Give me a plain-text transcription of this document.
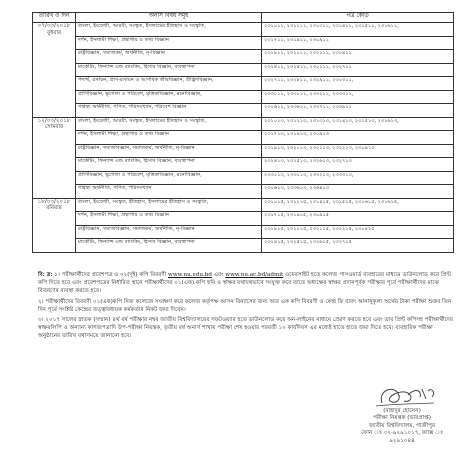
তারিখ ও দিন	অনার্স বিষয় সমূহ	পত্র কোড

০৭/০৩/২০১৮
বুধবার	বাংলা, ইংরেজী, আরবী, সংস্কৃত, ইসলামের ইতিহাস ও সংস্কৃতি,	২৩১০১১, ২৩১২১১, ২৩১৩১১, ২৩১৪১১, ২৩১৫১১, ২৩১৬১১,
	দর্শন, ইসলামী শিক্ষা, গ্রন্থাগার ও তথ্য বিজ্ঞান	২৩১৭১১, ২৩১৯১১, ২৩০৯১১
	রাষ্ট্রবিজ্ঞান, সমাজকর্ম, অর্থনীতি, নৃ-বিজ্ঞান	২৩১৯১১, ২৩২০১১, ২৩২২১১, ২৩০৪১১
	মার্কেটিং, ফিন্যান্স এন্ড ব্যাংকিং, হিসাব বিজ্ঞান, ব্যবস্থাপনা	২৩২৪১১, ২৩২৫১১, ২৩০১১১, ২৩২৭১১
	পদার্থ, রসায়ন, প্রাণ-রসায়ন ও আণবিক জীববিজ্ঞান, উদ্ভিদবিজ্ঞান,	২৩২৭১১, ২৩২৮১১, ২৩২৯১১, ২৩০৩১১,
	প্রাণিবিজ্ঞান, ভূগোল ও পরিবেশ, মৃত্তিকাবিজ্ঞান, মনোবিজ্ঞান,	২৩৩০১১, ২৩৩১১১, ২৩৩২১১, ২৩৩৩১১,
	গার্হস্থ্য অর্থনীতি, গণিত, পরিসংখ্যান, পরিবেশ বিজ্ঞান	২৩০৬১১, ২৩৩৬১১, ২৩৩৭১১, ২৩৩৯১১

১২/০৩/২০১৮
সোমবার	বাংলা, ইংরেজী, আরবী, সংস্কৃত, ইসলামের ইতিহাস ও সংস্কৃতি,	২৩১০১৩, ২৩১২১৩, ২৩১৩১৩, ২৩১৪১৩, ২৩১৫১৩, ২৩১৬১৩,
	দর্শন, ইসলামী শিক্ষা, গ্রন্থাগার ও তথ্য বিজ্ঞান	২৩১৭১৩, ২৩১৯১৩, ২৩০৯১৩
	রাষ্ট্রবিজ্ঞান, সমাজবিজ্ঞান, সমাজকর্ম, অর্থনীতি, নৃ-বিজ্ঞান	২৩১৯১৩, ২৩২০১৩, ২৩২১১৩, ২৩২২১৩, ২৩০৪১৩
	মার্কেটিং, ফিন্যান্স এন্ড ব্যাংকিং, হিসাব বিজ্ঞান, ব্যবস্থাপনা	২৩২৪১৩, ২৩২৫১৩, ২৩২৬১৩, ২৩২৭১৩
	প্রাণিবিজ্ঞান, ভূগোল ও পরিবেশ, মৃত্তিকাবিজ্ঞান, মনোবিজ্ঞান,	২৩৩০১৩, ২৩৩১১৩, ২৩৩২১৩, ২৩৩৩১৩,
	গার্হস্থ্য অর্থনীতি, গণিত, পরিসংখ্যান	২৩০৬১৩, ২৩৩৬১৩, ২৩৬৪১৩

১৮/০৩/২০১৮
রবিবার	বাংলা, ইংরেজী, সংস্কৃত, ইতিহাস, ইসলামের ইতিহাস ও সংস্কৃতি,	২৩১০১৫, ২৩১২১৫, ২৩১৪১৫, ২৩১৫১৫, ২৩১৬১৫, ২৩১৬১৫,
	দর্শন, ইসলামী শিক্ষা, গ্রন্থাগার ও তথ্য বিজ্ঞান	২৩১৭১৫, ২৩১৯১৫, ২৩০৯১৫
	রাষ্ট্রবিজ্ঞান, সমাজবিজ্ঞান, সমাজকর্ম, অর্থনীতি, নৃ-বিজ্ঞান	২৩১৯১৫, ২৩২০১৫, ২৩২১১৫, ২৩২২১৫, ২৩০৪১৫
	মার্কেটিং, ফিন্যান্স এন্ড ব্যাংকিং, হিসাব বিজ্ঞান, ব্যবস্থাপনা	২৩২৪১৫, ২৩২৫১৫, ২৩২৬১৫, ২৩২৭১৫

বি: দ্র: ১। পরীক্ষার্থীদের প্রবেশপত্র ও ০২(দুই) কপি বিবরণী www.nu.edu.bd এবং www.nu.ac.bd/admit ওয়েবসাইট হতে কলেজ পাসওয়ার্ড ব্যবহারের মাধ্যমে ডাউনলোড করে প্রিন্ট কপি দিতে হবে এবং প্রবেশপত্রের নির্ধারিত স্থানে পরীক্ষার্থীদের ০১(এক) কপি ছবি ও স্বাক্ষর যথাযথভাবে সংযুক্ত করে তাতে অধ্যক্ষের স্বাক্ষর প্রদানপূর্বক পরীক্ষার পূর্বে পরীক্ষার্থীদের মাঝে বিতরণের ব্যবস্থা করতে হবে।

২। পরীক্ষার্থীদের বিবরণী ০১(এক)কপি নিজ কলেজে সংরক্ষণ করে কলেজ কর্তৃপক্ষ আসন বিন্যাসের জন্য আর এক কপি বিবরণী ও কেন্দ্র ফি বাবদ আনানুকূল্য অর্থের টাকা পরীক্ষা শুরুর তিন দিন পূর্বে সংশ্লিষ্ট কেন্দ্রের তত্ত্বাবধায়ক কর্মকর্তার নিকট জমা দিবেন।

৩। ২০১৭ সালের স্নাতক (সম্মান) ৪র্থ বর্ষ পরীক্ষার নম্বর জাতীয় বিশ্ববিদ্যালয়ের সফটওয়্যার হতে ডাউনলোড করে অন-লাইনের মাধ্যমে প্রেরণ করতে হবে এবং তার প্রিন্ট কপিসহ পরীক্ষার্থীদের স্বাক্ষরলিপি ও অন্যান্য কাগজপত্রাদি উপ-পরীক্ষা নিয়ন্ত্রক, তৃতীয় বর্ষ অনার্স শাখায় পরীক্ষা শেষ হওয়ার পরবর্তী ১০ কার্যদিবস এর মধ্যেই হাতে হাতে জমা দিতে হবে। ব্যবহারিক পরীক্ষা অনুষ্ঠানের তারিখ যথাসময়ে জানানো হবে।

(বাহাদুর হোসেন)
পরীক্ষা নিয়ন্ত্রক (ভারপ্রাপ্ত)
জাতীয় বিশ্ববিদ্যালয়, গাজীপুর
ফোন ঃ ০২-৯২৯১০১৭, ফ্যাক্স ঃ ৯২৯১০৪৪
